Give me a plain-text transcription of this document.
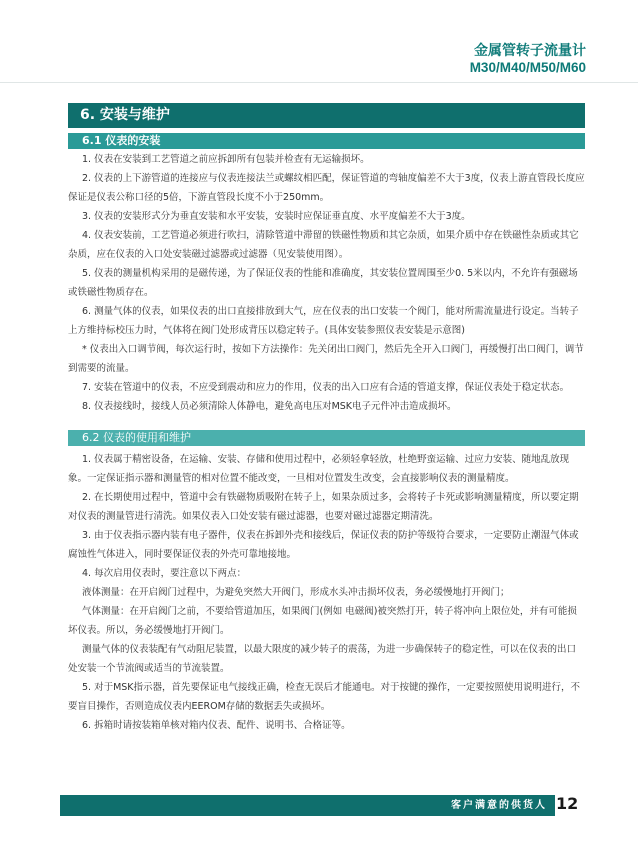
金属管转子流量计
M30/M40/M50/M60
6. 安装与维护
6.1 仪表的安装

1. 仪表在安装到工艺管道之前应拆卸所有包装并检查有无运输损坏。

2. 仪表的上下游管道的连接应与仪表连接法兰或螺纹相匹配，保证管道的弯轴度偏差不大于3度，仪表上游直管段长度应保证是仪表公称口径的5倍，下游直管段长度不小于250mm。

3. 仪表的安装形式分为垂直安装和水平安装，安装时应保证垂直度、水平度偏差不大于3度。

4. 仪表安装前，工艺管道必须进行吹扫，清除管道中滞留的铁磁性物质和其它杂质，如果介质中存在铁磁性杂质或其它杂质，应在仪表的入口处安装磁过滤器或过滤器（见安装使用图）。

5. 仪表的测量机构采用的是磁传递，为了保证仪表的性能和准确度，其安装位置周围至少0. 5米以内，不允许有强磁场或铁磁性物质存在。

6. 测量气体的仪表，如果仪表的出口直接排放到大气，应在仪表的出口安装一个阀门，能对所需流量进行设定。当转子上方维持标校压力时，气体将在阀门处形成背压以稳定转子。(具体安装参照仪表安装是示意图)

* 仪表出入口调节阀，每次运行时，按如下方法操作：先关闭出口阀门，然后先全开入口阀门，再缓慢打出口阀门，调节到需要的流量。

7. 安装在管道中的仪表，不应受到震动和应力的作用，仪表的出入口应有合适的管道支撑，保证仪表处于稳定状态。

8. 仪表接线时，接线人员必须清除人体静电，避免高电压对MSK电子元件冲击造成损坏。

6.2 仪表的使用和维护

1. 仪表属于精密设备，在运输、安装、存储和使用过程中，必须轻拿轻放，杜绝野蛮运输、过应力安装、随地乱放现象。一定保证指示器和测量管的相对位置不能改变，一旦相对位置发生改变，会直接影响仪表的测量精度。

2. 在长期使用过程中，管道中会有铁磁物质吸附在转子上，如果杂质过多，会将转子卡死或影响测量精度，所以要定期对仪表的测量管进行清洗。如果仪表入口处安装有磁过滤器，也要对磁过滤器定期清洗。

3. 由于仪表指示器内装有电子器件，仪表在拆卸外壳和接线后，保证仪表的防护等级符合要求，一定要防止潮湿气体或腐蚀性气体进入，同时要保证仪表的外壳可靠地接地。

4. 每次启用仪表时，要注意以下两点：

液体测量：在开启阀门过程中，为避免突然大开阀门，形成水头冲击损坏仪表，务必缓慢地打开阀门；

气体测量：在开启阀门之前，不要给管道加压，如果阀门(例如 电磁阀)被突然打开，转子将冲向上限位处，并有可能损坏仪表。所以，务必缓慢地打开阀门。

测量气体的仪表装配有气动阻尼装置，以最大限度的减少转子的震荡，为进一步确保转子的稳定性，可以在仪表的出口处安装一个节流阀或适当的节流装置。

5. 对于MSK指示器，首先要保证电气接线正确，检查无误后才能通电。对于按键的操作，一定要按照使用说明进行，不要盲目操作，否则造成仪表内EEROM存储的数据丢失或损坏。

6. 拆箱时请按装箱单核对箱内仪表、配件、说明书、合格证等。

客户满意的供货人 12
